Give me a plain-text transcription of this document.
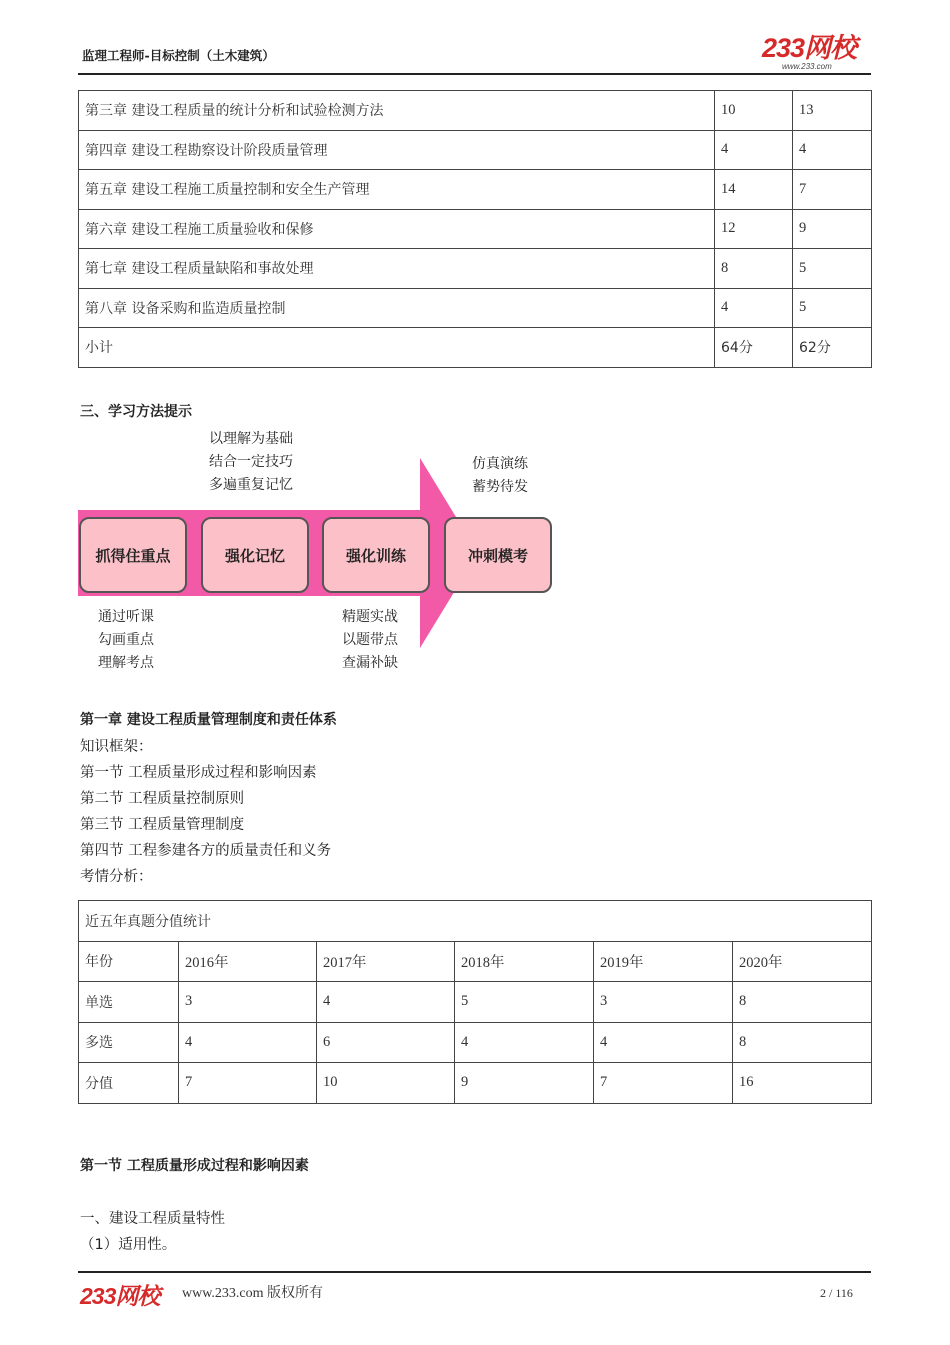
监理工程师-目标控制（土木建筑）	233网校
www.233.com
第三章 建设工程质量的统计分析和试验检测方法	10	13
第四章 建设工程勘察设计阶段质量管理	4	4
第五章 建设工程施工质量控制和安全生产管理	14	7
第六章 建设工程施工质量验收和保修	12	9
第七章 建设工程质量缺陷和事故处理	8	5
第八章 设备采购和监造质量控制	4	5
小计	64分	62分
三、学习方法提示
抓得住重点	强化记忆	强化训练	冲刺模考
以理解为基础
结合一定技巧
多遍重复记忆
仿真演练
蓄势待发
通过听课
勾画重点
理解考点
精题实战
以题带点
查漏补缺
第一章 建设工程质量管理制度和责任体系
知识框架：
第一节 工程质量形成过程和影响因素
第二节 工程质量控制原则
第三节 工程质量管理制度
第四节 工程参建各方的质量责任和义务
考情分析：
近五年真题分值统计					
年份	2016年	2017年	2018年	2019年	2020年
单选	3	4	5	3	8
多选	4	6	4	4	8
分值	7	10	9	7	16
第一节 工程质量形成过程和影响因素
一、建设工程质量特性
（1）适用性。
233网校 www.233.com 版权所有	2 / 116
